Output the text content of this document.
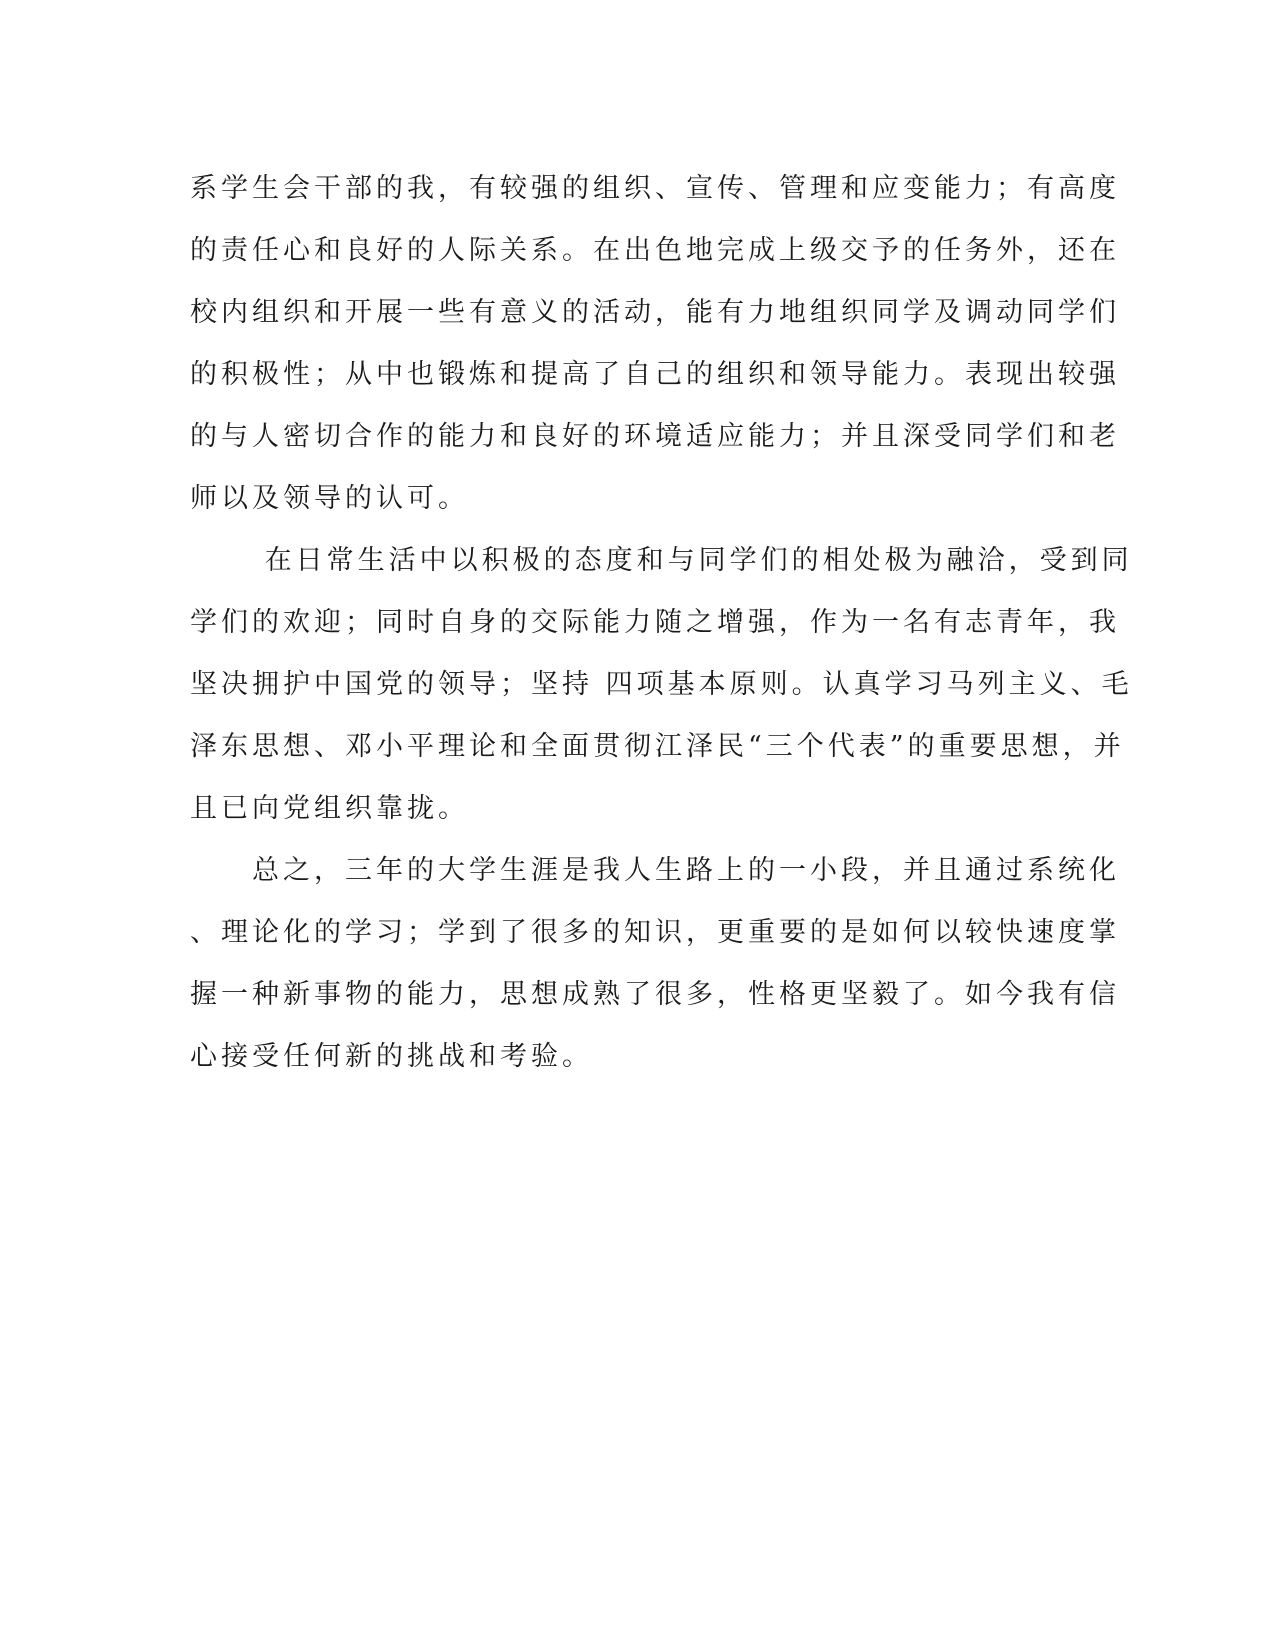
系学生会干部的我，有较强的组织、宣传、管理和应变能力；有高度
的责任心和良好的人际关系。在出色地完成上级交予的任务外，还在
校内组织和开展一些有意义的活动，能有力地组织同学及调动同学们
的积极性；从中也锻炼和提高了自己的组织和领导能力。表现出较强
的与人密切合作的能力和良好的环境适应能力；并且深受同学们和老
师以及领导的认可。
　　 在日常生活中以积极的态度和与同学们的相处极为融洽，受到同
学们的欢迎；同时自身的交际能力随之增强，作为一名有志青年，我
坚决拥护中国党的领导；坚持 四项基本原则。认真学习马列主义、毛
泽东思想、邓小平理论和全面贯彻江泽民“三个代表”的重要思想，并
且已向党组织靠拢。
　　总之，三年的大学生涯是我人生路上的一小段，并且通过系统化
、理论化的学习；学到了很多的知识，更重要的是如何以较快速度掌
握一种新事物的能力，思想成熟了很多，性格更坚毅了。如今我有信
心接受任何新的挑战和考验。
